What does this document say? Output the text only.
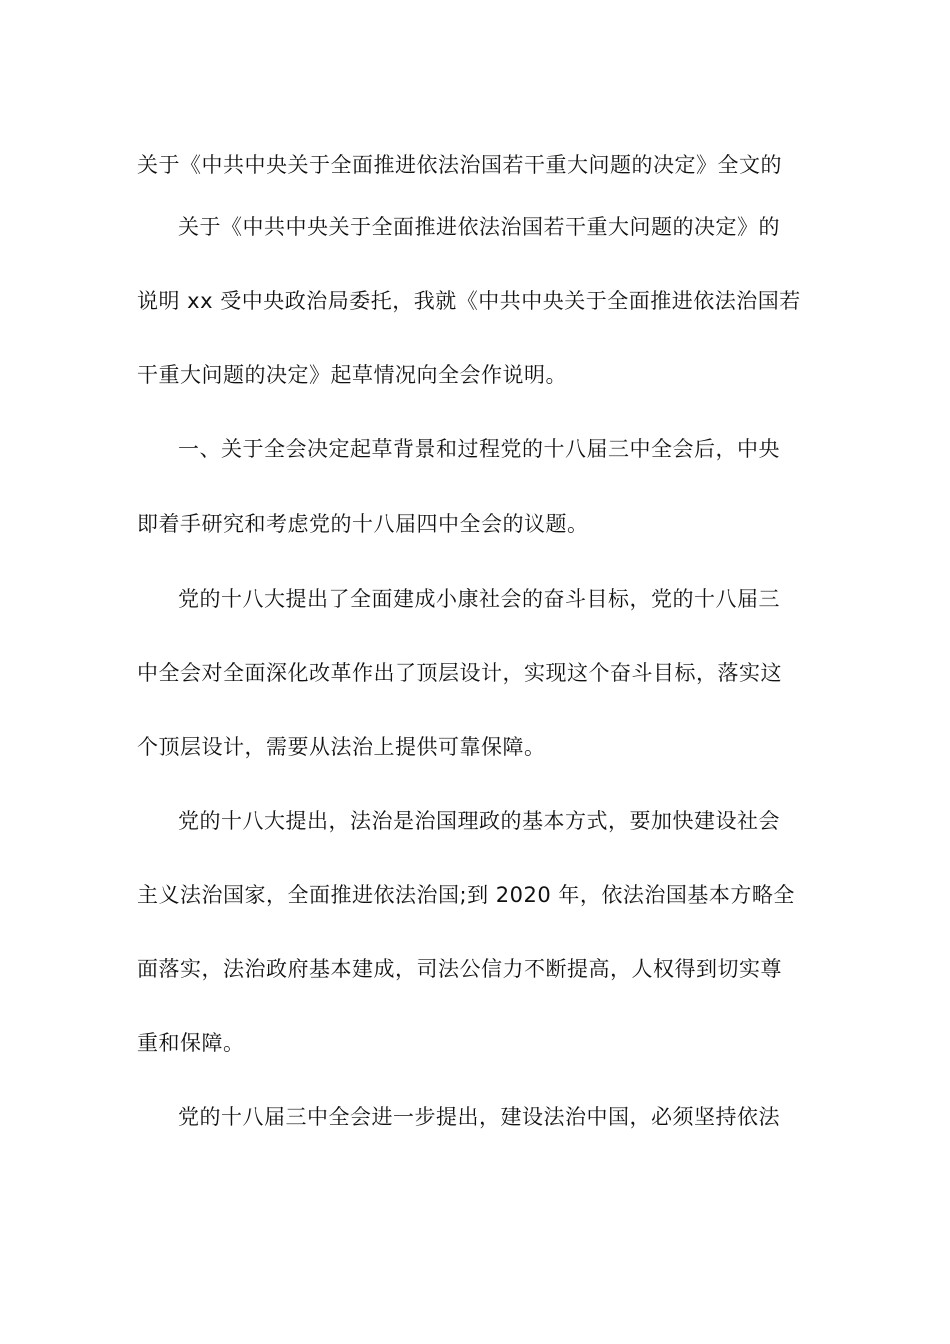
关于《中共中央关于全面推进依法治国若干重大问题的决定》全文的
关于《中共中央关于全面推进依法治国若干重大问题的决定》的
说明 xx 受中央政治局委托，我就《中共中央关于全面推进依法治国若
干重大问题的决定》起草情况向全会作说明。
一、关于全会决定起草背景和过程党的十八届三中全会后，中央
即着手研究和考虑党的十八届四中全会的议题。
党的十八大提出了全面建成小康社会的奋斗目标，党的十八届三
中全会对全面深化改革作出了顶层设计，实现这个奋斗目标，落实这
个顶层设计，需要从法治上提供可靠保障。
党的十八大提出，法治是治国理政的基本方式，要加快建设社会
主义法治国家，全面推进依法治国;到 2020 年，依法治国基本方略全
面落实，法治政府基本建成，司法公信力不断提高，人权得到切实尊
重和保障。
党的十八届三中全会进一步提出，建设法治中国，必须坚持依法
